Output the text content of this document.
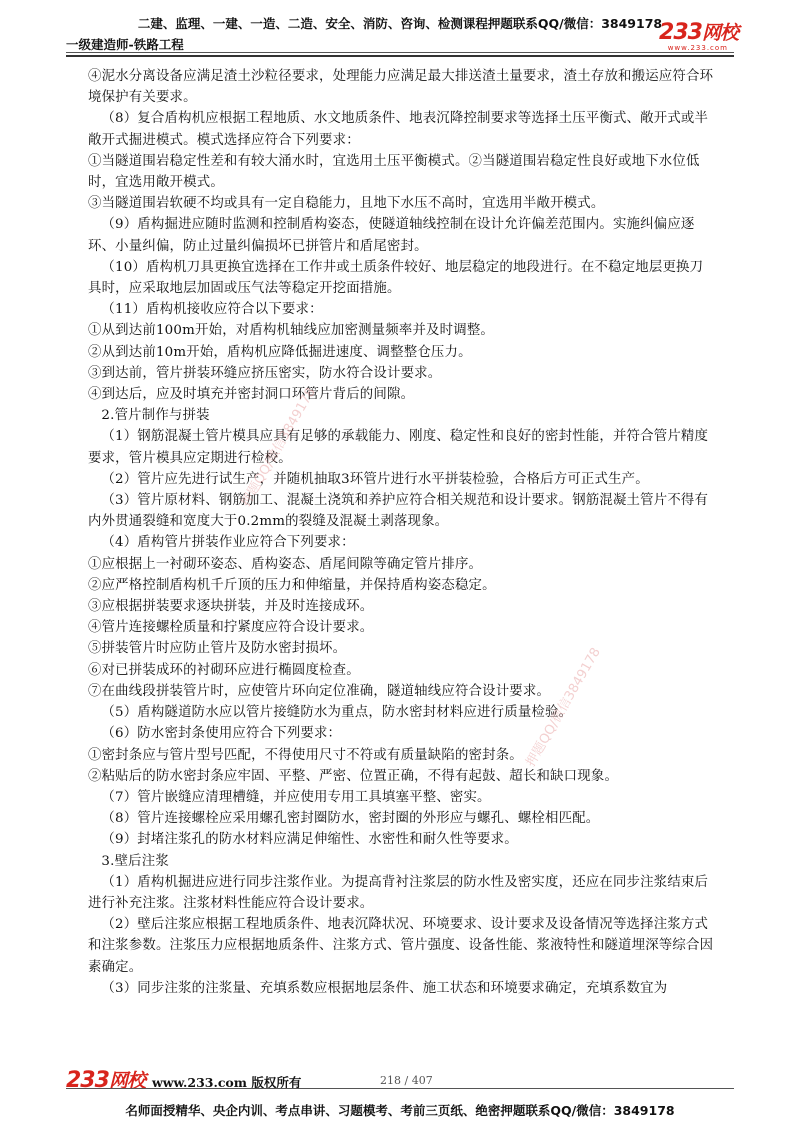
二建、监理、一建、一造、二造、安全、消防、咨询、检测课程押题联系QQ/微信：3849178
一级建造师-铁路工程	233网校
www.233.com

④泥水分离设备应满足渣土沙粒径要求，处理能力应满足最大排送渣土量要求，渣土存放和搬运应符合环境保护有关要求。

（8）复合盾构机应根据工程地质、水文地质条件、地表沉降控制要求等选择土压平衡式、敞开式或半敞开式掘进模式。模式选择应符合下列要求：

①当隧道围岩稳定性差和有较大涌水时，宜选用土压平衡模式。②当隧道围岩稳定性良好或地下水位低时，宜选用敞开模式。

③当隧道围岩软硬不均或具有一定自稳能力，且地下水压不高时，宜选用半敞开模式。

（9）盾构掘进应随时监测和控制盾构姿态，使隧道轴线控制在设计允许偏差范围内。实施纠偏应逐环、小量纠偏，防止过量纠偏损坏已拼管片和盾尾密封。

（10）盾构机刀具更换宜选择在工作井或土质条件较好、地层稳定的地段进行。在不稳定地层更换刀具时，应采取地层加固或压气法等稳定开挖面措施。

（11）盾构机接收应符合以下要求：

①从到达前100m开始，对盾构机轴线应加密测量频率并及时调整。

②从到达前10m开始，盾构机应降低掘进速度、调整整仓压力。

③到达前，管片拼装环缝应挤压密实，防水符合设计要求。

④到达后，应及时填充并密封洞口环管片背后的间隙。

2.管片制作与拼装

（1）钢筋混凝土管片模具应具有足够的承载能力、刚度、稳定性和良好的密封性能，并符合管片精度要求，管片模具应定期进行检校。

（2）管片应先进行试生产，并随机抽取3环管片进行水平拼装检验，合格后方可正式生产。

（3）管片原材料、钢筋加工、混凝土浇筑和养护应符合相关规范和设计要求。钢筋混凝土管片不得有内外贯通裂缝和宽度大于0.2mm的裂缝及混凝土剥落现象。

（4）盾构管片拼装作业应符合下列要求：

①应根据上一衬砌环姿态、盾构姿态、盾尾间隙等确定管片排序。

②应严格控制盾构机千斤顶的压力和伸缩量，并保持盾构姿态稳定。

③应根据拼装要求逐块拼装，并及时连接成环。

④管片连接螺栓质量和拧紧度应符合设计要求。

⑤拼装管片时应防止管片及防水密封损坏。

⑥对已拼装成环的衬砌环应进行椭圆度检查。

⑦在曲线段拼装管片时，应使管片环向定位准确，隧道轴线应符合设计要求。

（5）盾构隧道防水应以管片接缝防水为重点，防水密封材料应进行质量检验。

（6）防水密封条使用应符合下列要求：

①密封条应与管片型号匹配，不得使用尺寸不符或有质量缺陷的密封条。

②粘贴后的防水密封条应牢固、平整、严密、位置正确，不得有起鼓、超长和缺口现象。

（7）管片嵌缝应清理槽缝，并应使用专用工具填塞平整、密实。

（8）管片连接螺栓应采用螺孔密封圈防水，密封圈的外形应与螺孔、螺栓相匹配。

（9）封堵注浆孔的防水材料应满足伸缩性、水密性和耐久性等要求。

3.壁后注浆

（1）盾构机掘进应进行同步注浆作业。为提高背衬注浆层的防水性及密实度，还应在同步注浆结束后进行补充注浆。注浆材料性能应符合设计要求。

（2）壁后注浆应根据工程地质条件、地表沉降状况、环境要求、设计要求及设备情况等选择注浆方式和注浆参数。注浆压力应根据地质条件、注浆方式、管片强度、设备性能、浆液特性和隧道埋深等综合因素确定。

（3）同步注浆的注浆量、充填系数应根据地层条件、施工状态和环境要求确定，充填系数宜为

押题QQ/微信3849178
押题QQ/微信3849178
233网校 www.233.com 版权所有	218 / 407
名师面授精华、央企内训、考点串讲、习题模考、考前三页纸、绝密押题联系QQ/微信：3849178
